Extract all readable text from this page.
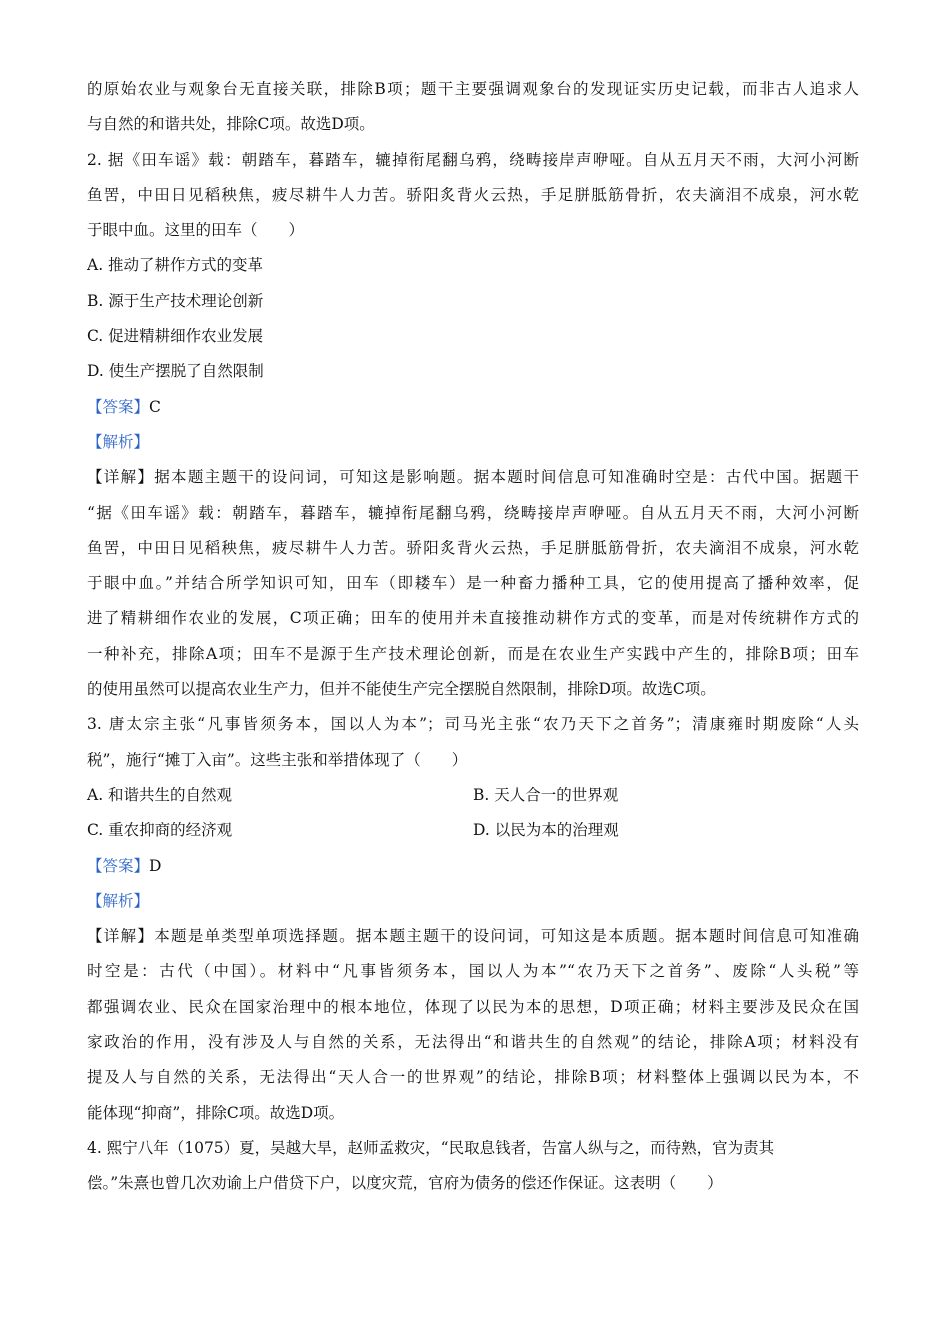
的原始农业与观象台无直接关联，排除B项；题干主要强调观象台的发现证实历史记载，而非古人追求人
与自然的和谐共处，排除C项。故选D项。
2. 据《田车谣》载：朝踏车，暮踏车，辘掉衔尾翻乌鸦，绕畴接岸声咿哑。自从五月天不雨，大河小河断
鱼罟，中田日见稻秧焦，疲尽耕牛人力苦。骄阳炙背火云热，手足胼胝筋骨折，农夫滴泪不成泉，河水乾
于眼中血。这里的田车（　　）
A. 推动了耕作方式的变革
B. 源于生产技术理论创新
C. 促进精耕细作农业发展
D. 使生产摆脱了自然限制
【答案】C
【解析】
【详解】据本题主题干的设问词，可知这是影响题。据本题时间信息可知准确时空是：古代中国。据题干
“据《田车谣》载：朝踏车，暮踏车，辘掉衔尾翻乌鸦，绕畴接岸声咿哑。自从五月天不雨，大河小河断
鱼罟，中田日见稻秧焦，疲尽耕牛人力苦。骄阳炙背火云热，手足胼胝筋骨折，农夫滴泪不成泉，河水乾
于眼中血。”并结合所学知识可知，田车（即耧车）是一种畜力播种工具，它的使用提高了播种效率，促
进了精耕细作农业的发展，C项正确；田车的使用并未直接推动耕作方式的变革，而是对传统耕作方式的
一种补充，排除A项；田车不是源于生产技术理论创新，而是在农业生产实践中产生的，排除B项；田车
的使用虽然可以提高农业生产力，但并不能使生产完全摆脱自然限制，排除D项。故选C项。
3. 唐太宗主张“凡事皆须务本，国以人为本”；司马光主张“农乃天下之首务”；清康雍时期废除“人头
税”，施行“摊丁入亩”。这些主张和举措体现了（　　）
A. 和谐共生的自然观	B. 天人合一的世界观
C. 重农抑商的经济观	D. 以民为本的治理观
【答案】D
【解析】
【详解】本题是单类型单项选择题。据本题主题干的设问词，可知这是本质题。据本题时间信息可知准确
时空是：古代（中国）。材料中“凡事皆须务本，国以人为本”“农乃天下之首务”、废除“人头税”等
都强调农业、民众在国家治理中的根本地位，体现了以民为本的思想，D项正确；材料主要涉及民众在国
家政治的作用，没有涉及人与自然的关系，无法得出“和谐共生的自然观”的结论，排除A项；材料没有
提及人与自然的关系，无法得出“天人合一的世界观”的结论，排除B项；材料整体上强调以民为本，不
能体现“抑商”，排除C项。故选D项。
4. 熙宁八年（1075）夏，吴越大旱，赵师孟救灾，“民取息钱者，告富人纵与之，而待熟，官为责其
偿。”朱熹也曾几次劝谕上户借贷下户，以度灾荒，官府为债务的偿还作保证。这表明（　　）
